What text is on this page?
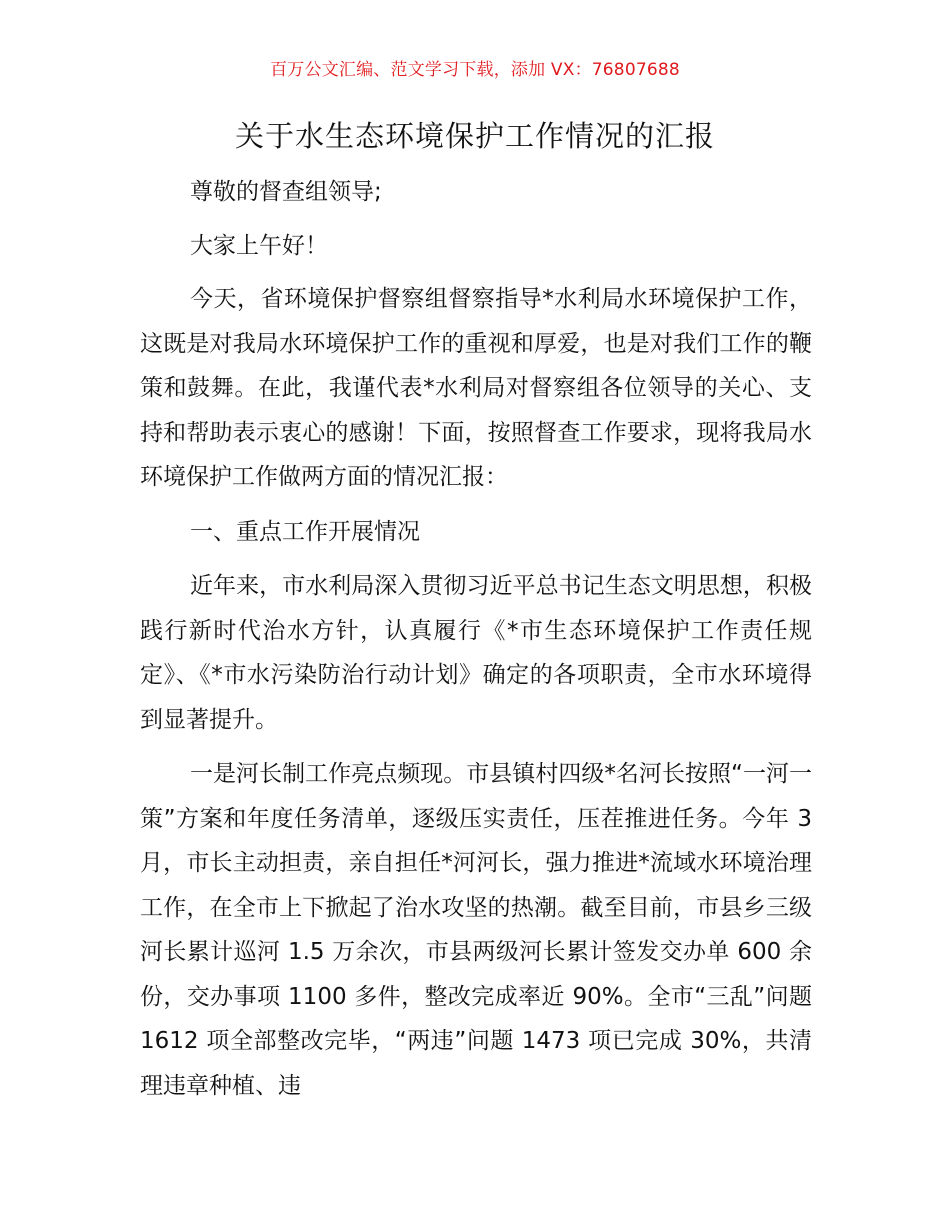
百万公文汇编、范文学习下载，添加 VX：76807688
关于水生态环境保护工作情况的汇报

尊敬的督查组领导;

大家上午好！

今天，省环境保护督察组督察指导*水利局水环境保护工作，这既是对我局水环境保护工作的重视和厚爱，也是对我们工作的鞭策和鼓舞。在此，我谨代表*水利局对督察组各位领导的关心、支持和帮助表示衷心的感谢！下面，按照督查工作要求，现将我局水环境保护工作做两方面的情况汇报：

一、重点工作开展情况

近年来，市水利局深入贯彻习近平总书记生态文明思想，积极践行新时代治水方针，认真履行《*市生态环境保护工作责任规定》、《*市水污染防治行动计划》确定的各项职责，全市水环境得到显著提升。

一是河长制工作亮点频现。市县镇村四级*名河长按照“一河一策”方案和年度任务清单，逐级压实责任，压茬推进任务。今年 3 月，市长主动担责，亲自担任*河河长，强力推进*流域水环境治理工作，在全市上下掀起了治水攻坚的热潮。截至目前，市县乡三级河长累计巡河 1.5 万余次，市县两级河长累计签发交办单 600 余份，交办事项 1100 多件，整改完成率近 90%。全市“三乱”问题 1612 项全部整改完毕，“两违”问题 1473 项已完成 30%，共清理违章种植、违
